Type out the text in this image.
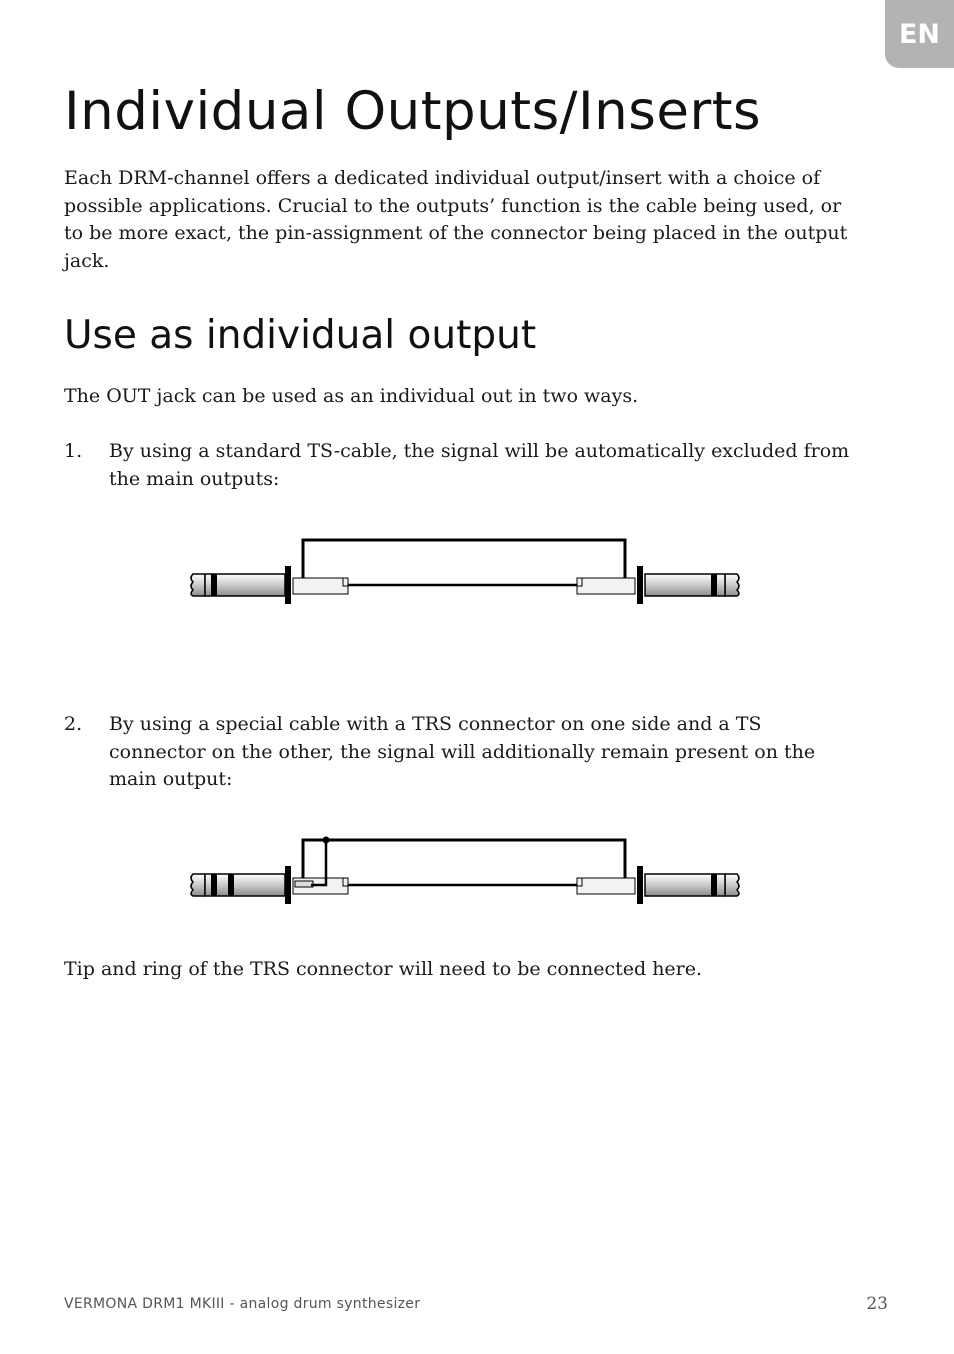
EN
Individual Outputs/Inserts

Each DRM-channel offers a dedicated individual output/insert with a choice of possible applications. Crucial to the outputs’ function is the cable being used, or to be more exact, the pin-assignment of the connector being placed in the output jack.

Use as individual output

The OUT jack can be used as an individual out in two ways.

1.	By using a standard TS-cable, the signal will be automatically excluded from the main outputs:
2.	By using a special cable with a TRS connector on one side and a TS connector on the other, the signal will additionally remain present on the main output:

Tip and ring of the TRS connector will need to be connected here.

VERMONA DRM1 MKIII - analog drum synthesizer	23
